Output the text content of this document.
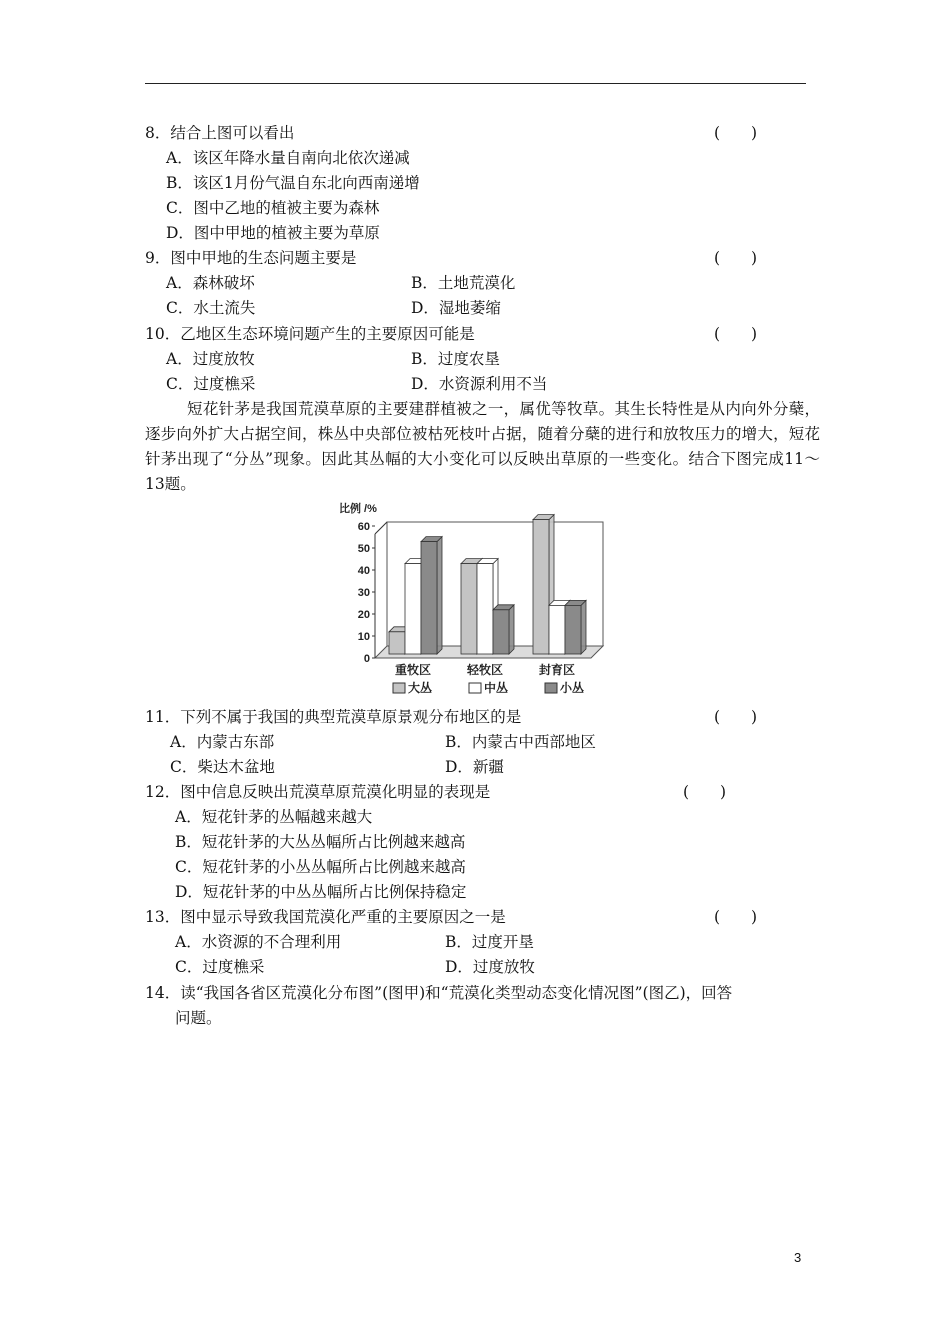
8．结合上图可以看出	(　　)
A．该区年降水量自南向北依次递减
B．该区1月份气温自东北向西南递增
C．图中乙地的植被主要为森林
D．图中甲地的植被主要为草原
9．图中甲地的生态问题主要是	(　　)
A．森林破坏	B．土地荒漠化
C．水土流失	D．湿地萎缩
10．乙地区生态环境问题产生的主要原因可能是	(　　)
A．过度放牧	B．过度农垦
C．过度樵采	D．水资源利用不当
短花针茅是我国荒漠草原的主要建群植被之一，属优等牧草。其生长特性是从内向外分蘖，逐步向外扩大占据空间，株丛中央部位被枯死枝叶占据，随着分蘖的进行和放牧压力的增大，短花针茅出现了“分丛”现象。因此其丛幅的大小变化可以反映出草原的一些变化。结合下图完成11～13题。
0
10
20
30
40
50
60
比例 /%
重牧区	轻牧区	封育区
大丛	中丛	小丛
11．下列不属于我国的典型荒漠草原景观分布地区的是	(　　)
A．内蒙古东部	B．内蒙古中西部地区
C．柴达木盆地	D．新疆
12．图中信息反映出荒漠草原荒漠化明显的表现是	(　　)
A．短花针茅的丛幅越来越大
B．短花针茅的大丛丛幅所占比例越来越高
C．短花针茅的小丛丛幅所占比例越来越高
D．短花针茅的中丛丛幅所占比例保持稳定
13．图中显示导致我国荒漠化严重的主要原因之一是	(　　)
A．水资源的不合理利用	B．过度开垦
C．过度樵采	D．过度放牧
14．读“我国各省区荒漠化分布图”(图甲)和“荒漠化类型动态变化情况图”(图乙)，回答
问题。
3
